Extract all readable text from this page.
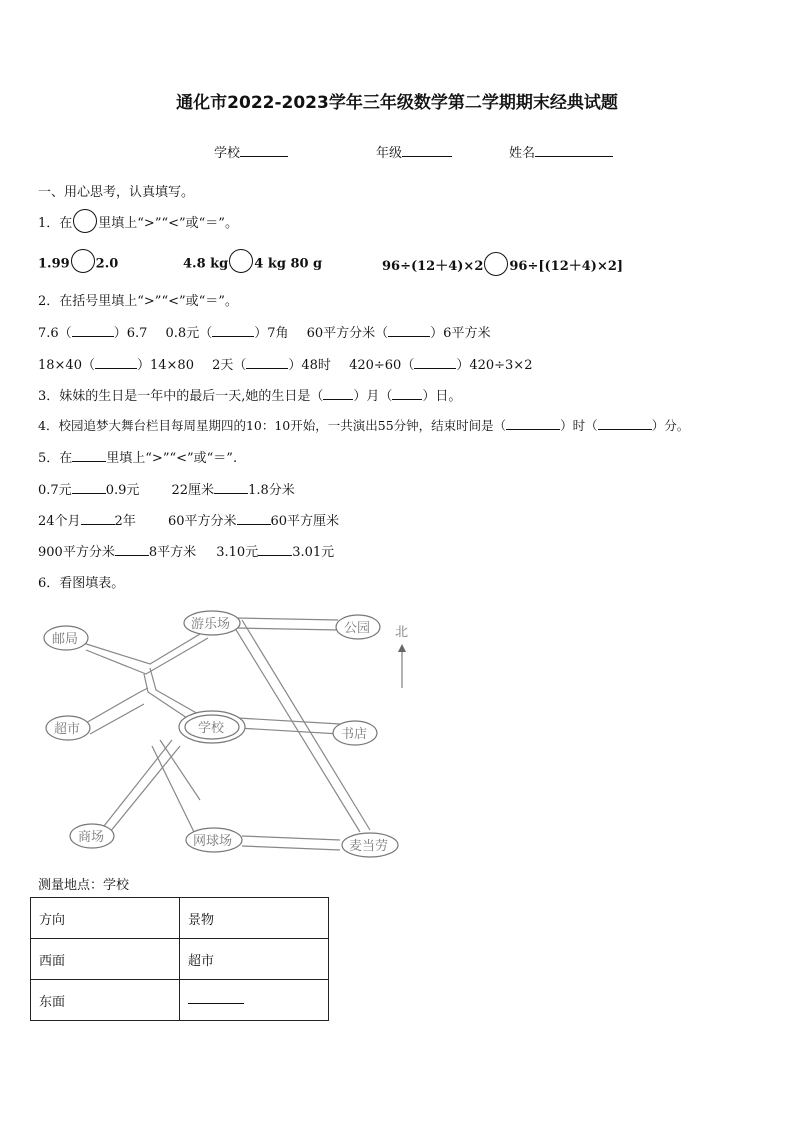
通化市2022-2023学年三年级数学第二学期期末经典试题
学校	年级	姓名
一、用心思考，认真填写。
1．在 里填上“>”“<”或“＝”。
1.99 2.0	4.8 kg 4 kg 80 g	96÷(12＋4)×2 96÷[(12＋4)×2]
2．在括号里填上“>”“<”或“＝”。
7.6（	）6.7 0.8元（	）7角 60平方分米（	）6平方米
18×40（	）14×80 2天（	）48时 420÷60（	）420÷3×2
3．妹妹的生日是一年中的最后一天,她的生日是（ ）月（ ）日。
4．校园追梦大舞台栏目每周星期四的10：10开始，一共演出55分钟，结束时间是（	）时（	）分。
5．在	里填上“>”“<”或“＝”.
0.7元	0.9元 22厘米	1.8分米
24个月	2年 60平方分米	60平方厘米
900平方分米	8平方米 3.10元	3.01元
6．看图填表。
邮局
游乐场	公园
超市	学校	书店
商场	网球场	麦当劳
北
测量地点：学校
方向	景物
西面	超市
东面	
